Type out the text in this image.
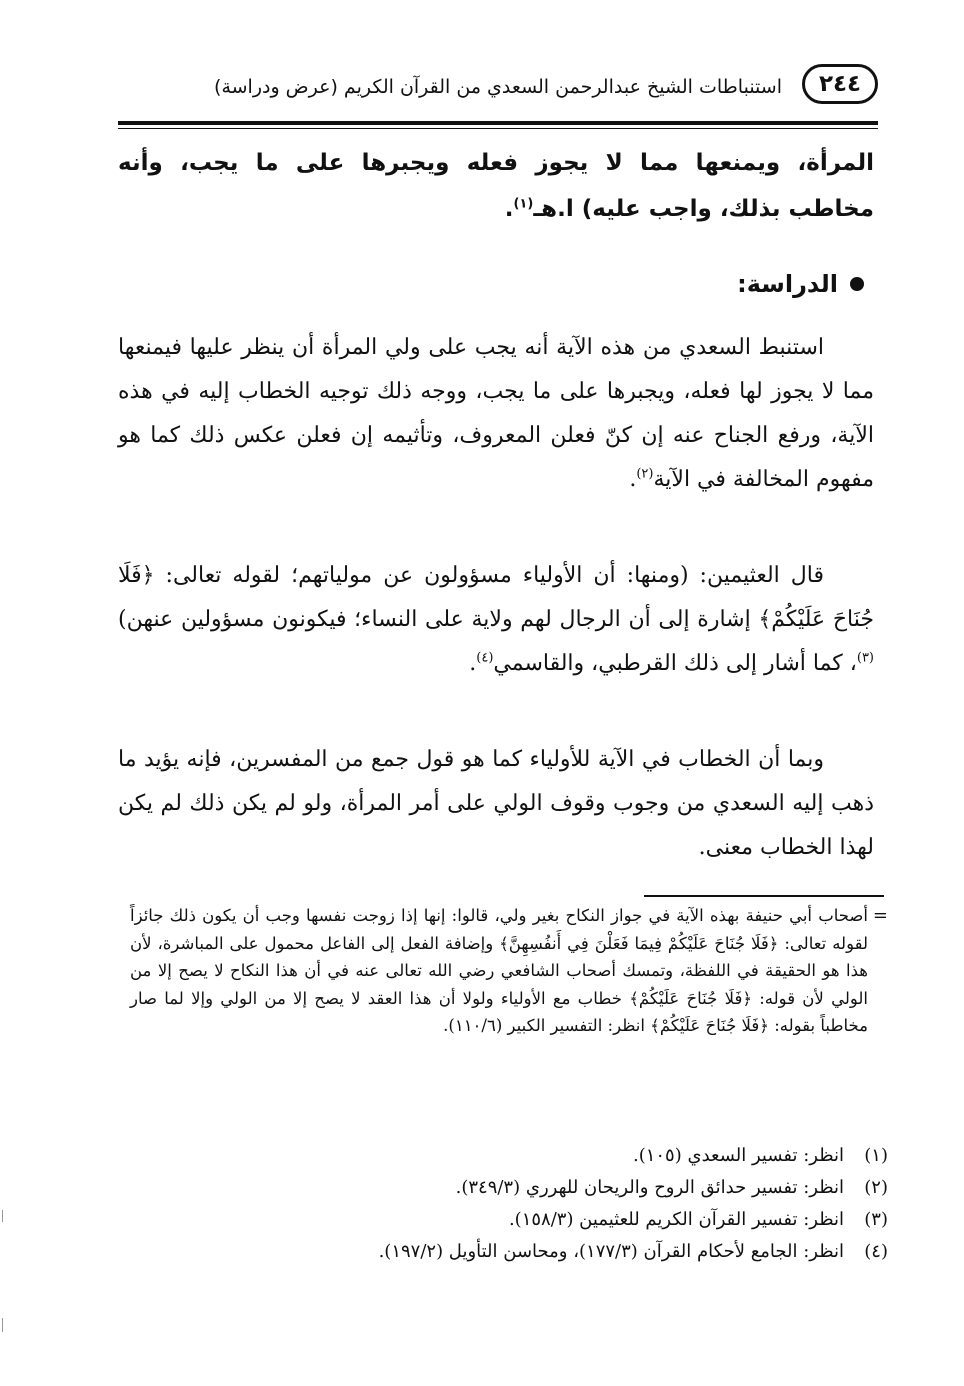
٢٤٤
استنباطات الشيخ عبدالرحمن السعدي من القرآن الكريم (عرض ودراسة)
المرأة، ويمنعها مما لا يجوز فعله ويجبرها على ما يجب، وأنه مخاطب بذلك، واجب عليه) ا.هـ$^{(١)}$.
الدراسة:
استنبط السعدي من هذه الآية أنه يجب على ولي المرأة أن ينظر عليها فيمنعها مما لا يجوز لها فعله، ويجبرها على ما يجب، ووجه ذلك توجيه الخطاب إليه في هذه الآية، ورفع الجناح عنه إن كنّ فعلن المعروف، وتأثيمه إن فعلن عكس ذلك كما هو مفهوم المخالفة في الآية$^{(٢)}$.
قال العثيمين: (ومنها: أن الأولياء مسؤولون عن مولياتهم؛ لقوله تعالى: ﴿فَلَا جُنَاحَ عَلَيْكُمْ﴾ إشارة إلى أن الرجال لهم ولاية على النساء؛ فيكونون مسؤولين عنهن)$^{(٣)}$، كما أشار إلى ذلك القرطبي، والقاسمي$^{(٤)}$.
وبما أن الخطاب في الآية للأولياء كما هو قول جمع من المفسرين، فإنه يؤيد ما ذهب إليه السعدي من وجوب وقوف الولي على أمر المرأة، ولو لم يكن ذلك لم يكن لهذا الخطاب معنى.
=
أصحاب أبي حنيفة بهذه الآية في جواز النكاح بغير ولي، قالوا: إنها إذا زوجت نفسها وجب أن يكون ذلك جائزاً لقوله تعالى: ﴿فَلَا جُنَاحَ عَلَيْكُمْ فِيمَا فَعَلْنَ فِي أَنفُسِهِنَّ﴾ وإضافة الفعل إلى الفاعل محمول على المباشرة، لأن هذا هو الحقيقة في اللفظة، وتمسك أصحاب الشافعي رضي الله تعالى عنه في أن هذا النكاح لا يصح إلا من الولي لأن قوله: ﴿فَلَا جُنَاحَ عَلَيْكُمْ﴾ خطاب مع الأولياء ولولا أن هذا العقد لا يصح إلا من الولي وإلا لما صار مخاطباً بقوله: ﴿فَلَا جُنَاحَ عَلَيْكُمْ﴾ انظر: التفسير الكبير (١١٠/٦).
(١)
انظر: تفسير السعدي (١٠٥).
(٢)
انظر: تفسير حدائق الروح والريحان للهرري (٣٤٩/٣).
(٣)
انظر: تفسير القرآن الكريم للعثيمين (١٥٨/٣).
(٤)
انظر: الجامع لأحكام القرآن (١٧٧/٣)، ومحاسن التأويل (١٩٧/٢).
